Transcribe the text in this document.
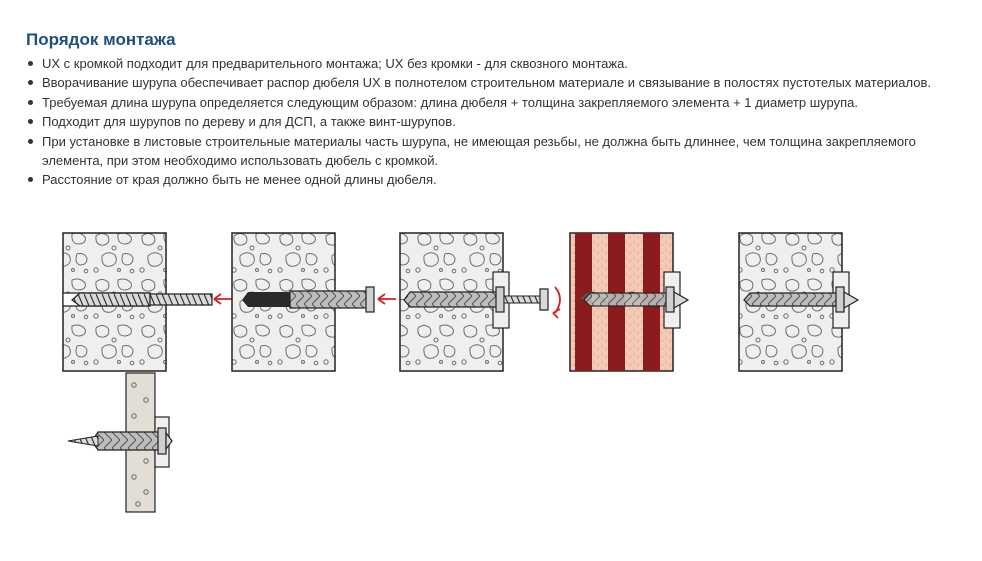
Порядок монтажа
UX с кромкой подходит для предварительного монтажа; UX без кромки - для сквозного монтажа.
Вворачивание шурупа обеспечивает распор дюбеля UX в полнотелом строительном материале и связывание в полостях пустотелых материалов.
Требуемая длина шурупа определяется следующим образом: длина дюбеля + толщина закрепляемого элемента + 1 диаметр шурупа.
Подходит для шурупов по дереву и для ДСП, а также винт-шурупов.
При установке в листовые строительные материалы часть шурупа, не имеющая резьбы, не должна быть длиннее, чем толщина закрепляемого элемента, при этом необходимо использовать дюбель с кромкой.
Расстояние от края должно быть не менее одной длины дюбеля.
